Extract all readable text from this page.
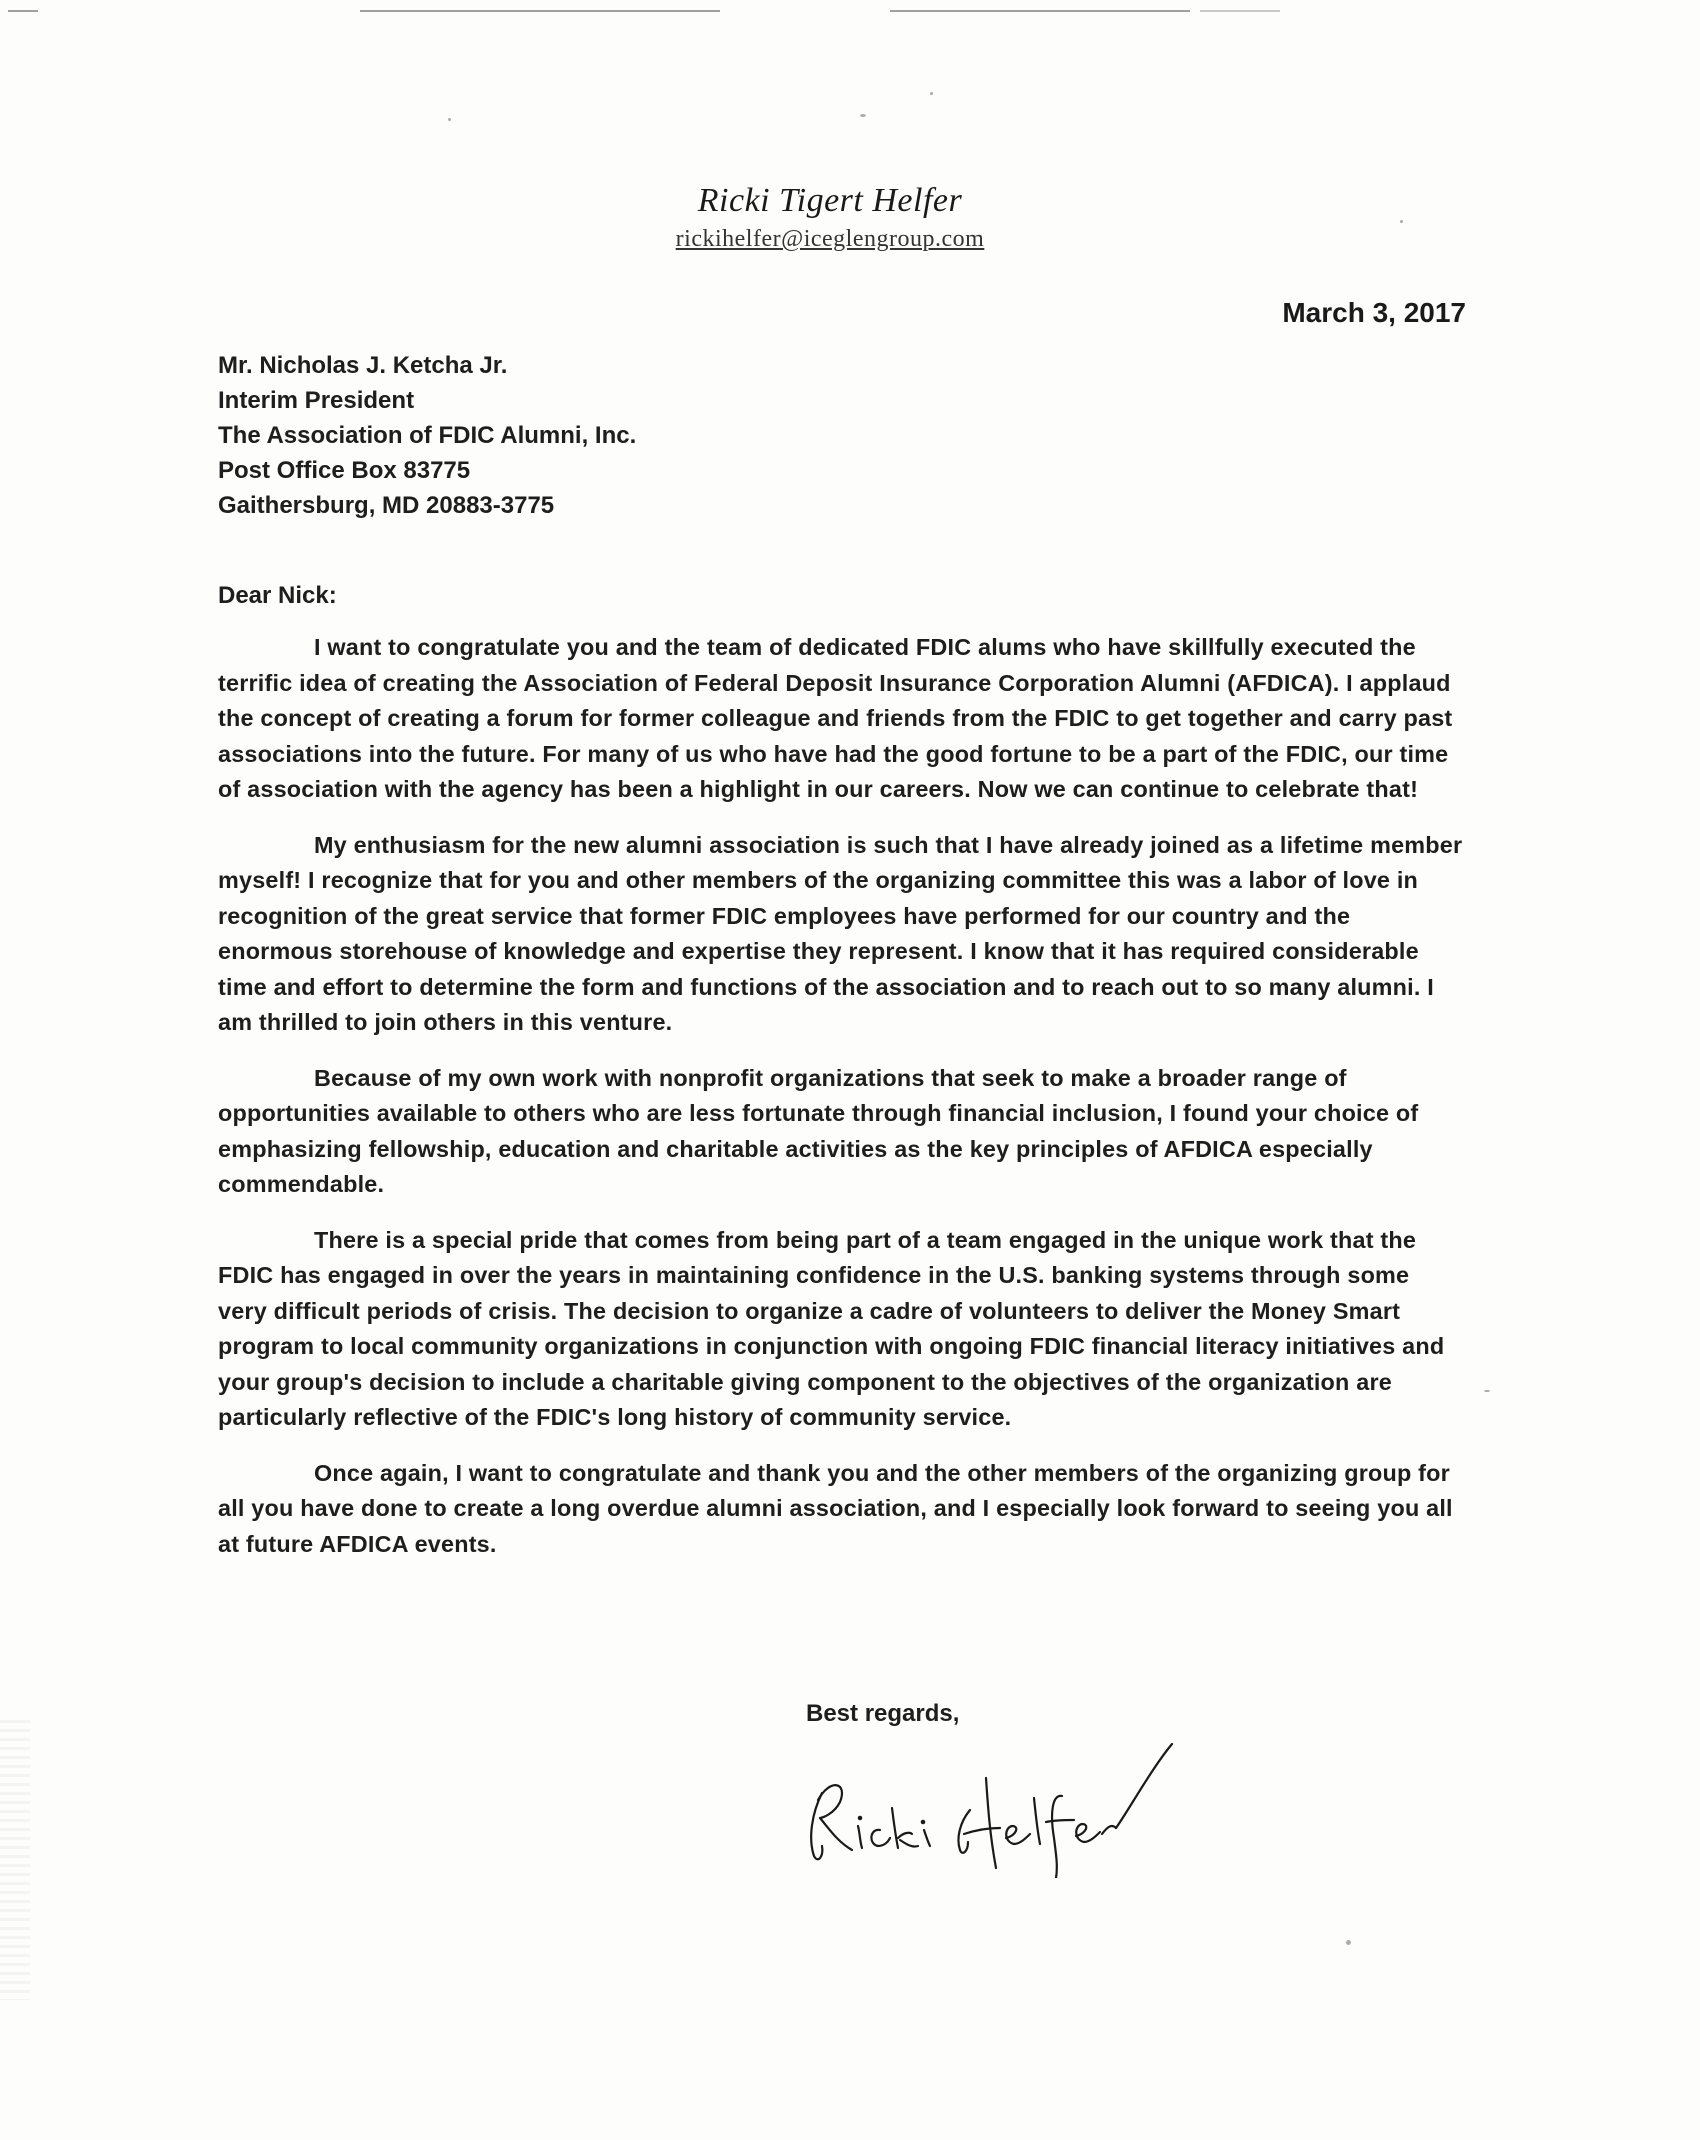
Ricki Tigert Helfer
rickihelfer@iceglengroup.com
March 3, 2017
Mr. Nicholas J. Ketcha Jr.
Interim President
The Association of FDIC Alumni, Inc.
Post Office Box 83775
Gaithersburg, MD 20883-3775
Dear Nick:

I want to congratulate you and the team of dedicated FDIC alums who have skillfully executed the terrific idea of creating the Association of Federal Deposit Insurance Corporation Alumni (AFDICA). I applaud the concept of creating a forum for former colleague and friends from the FDIC to get together and carry past associations into the future. For many of us who have had the good fortune to be a part of the FDIC, our time of association with the agency has been a highlight in our careers. Now we can continue to celebrate that!

My enthusiasm for the new alumni association is such that I have already joined as a lifetime member myself! I recognize that for you and other members of the organizing committee this was a labor of love in recognition of the great service that former FDIC employees have performed for our country and the enormous storehouse of knowledge and expertise they represent. I know that it has required considerable time and effort to determine the form and functions of the association and to reach out to so many alumni. I am thrilled to join others in this venture.

Because of my own work with nonprofit organizations that seek to make a broader range of opportunities available to others who are less fortunate through financial inclusion, I found your choice of emphasizing fellowship, education and charitable activities as the key principles of AFDICA especially commendable.

There is a special pride that comes from being part of a team engaged in the unique work that the FDIC has engaged in over the years in maintaining confidence in the U.S. banking systems through some very difficult periods of crisis. The decision to organize a cadre of volunteers to deliver the Money Smart program to local community organizations in conjunction with ongoing FDIC financial literacy initiatives and your group's decision to include a charitable giving component to the objectives of the organization are particularly reflective of the FDIC's long history of community service.

Once again, I want to congratulate and thank you and the other members of the organizing group for all you have done to create a long overdue alumni association, and I especially look forward to seeing you all at future AFDICA events.

Best regards,
